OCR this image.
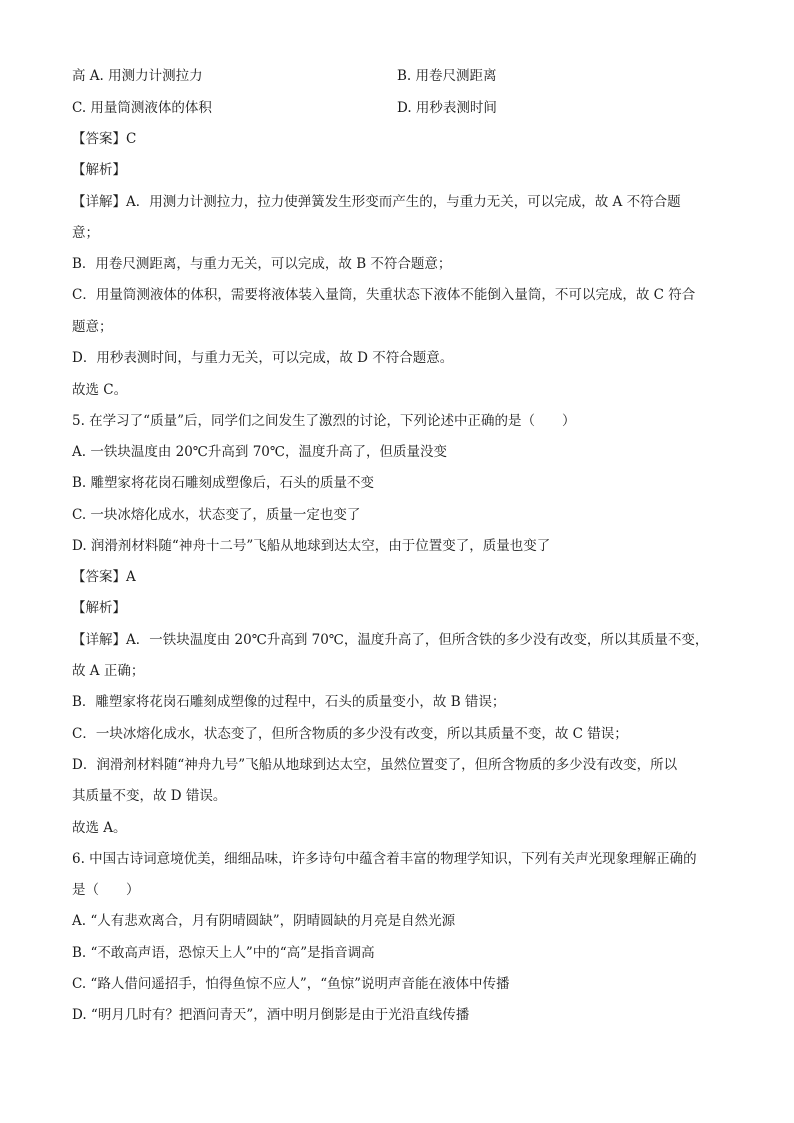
高 A. 用测力计测拉力	B. 用卷尺测距离
C. 用量筒测液体的体积	D. 用秒表测时间
【答案】C
【解析】
【详解】A．用测力计测拉力，拉力使弹簧发生形变而产生的，与重力无关，可以完成，故 A 不符合题
意；
B．用卷尺测距离，与重力无关，可以完成，故 B 不符合题意；
C．用量筒测液体的体积，需要将液体装入量筒，失重状态下液体不能倒入量筒，不可以完成，故 C 符合
题意；
D．用秒表测时间，与重力无关，可以完成，故 D 不符合题意。
故选 C。
5. 在学习了“质量”后，同学们之间发生了激烈的讨论，下列论述中正确的是（　　）
A. 一铁块温度由 20℃升高到 70℃，温度升高了，但质量没变
B. 雕塑家将花岗石雕刻成塑像后，石头的质量不变
C. 一块冰熔化成水，状态变了，质量一定也变了
D. 润滑剂材料随“神舟十二号”飞船从地球到达太空，由于位置变了，质量也变了
【答案】A
【解析】
【详解】A．一铁块温度由 20℃升高到 70℃，温度升高了，但所含铁的多少没有改变，所以其质量不变，
故 A 正确；
B．雕塑家将花岗石雕刻成塑像的过程中，石头的质量变小，故 B 错误；
C．一块冰熔化成水，状态变了，但所含物质的多少没有改变，所以其质量不变，故 C 错误；
D．润滑剂材料随“神舟九号”飞船从地球到达太空，虽然位置变了，但所含物质的多少没有改变，所以
其质量不变，故 D 错误。
故选 A。
6. 中国古诗词意境优美，细细品味，许多诗句中蕴含着丰富的物理学知识，下列有关声光现象理解正确的
是（　　）
A. “人有悲欢离合，月有阴晴圆缺”，阴晴圆缺的月亮是自然光源
B. “不敢高声语，恐惊天上人”中的“高”是指音调高
C. “路人借问遥招手，怕得鱼惊不应人”，“鱼惊”说明声音能在液体中传播
D. “明月几时有？把酒问青天”，酒中明月倒影是由于光沿直线传播
